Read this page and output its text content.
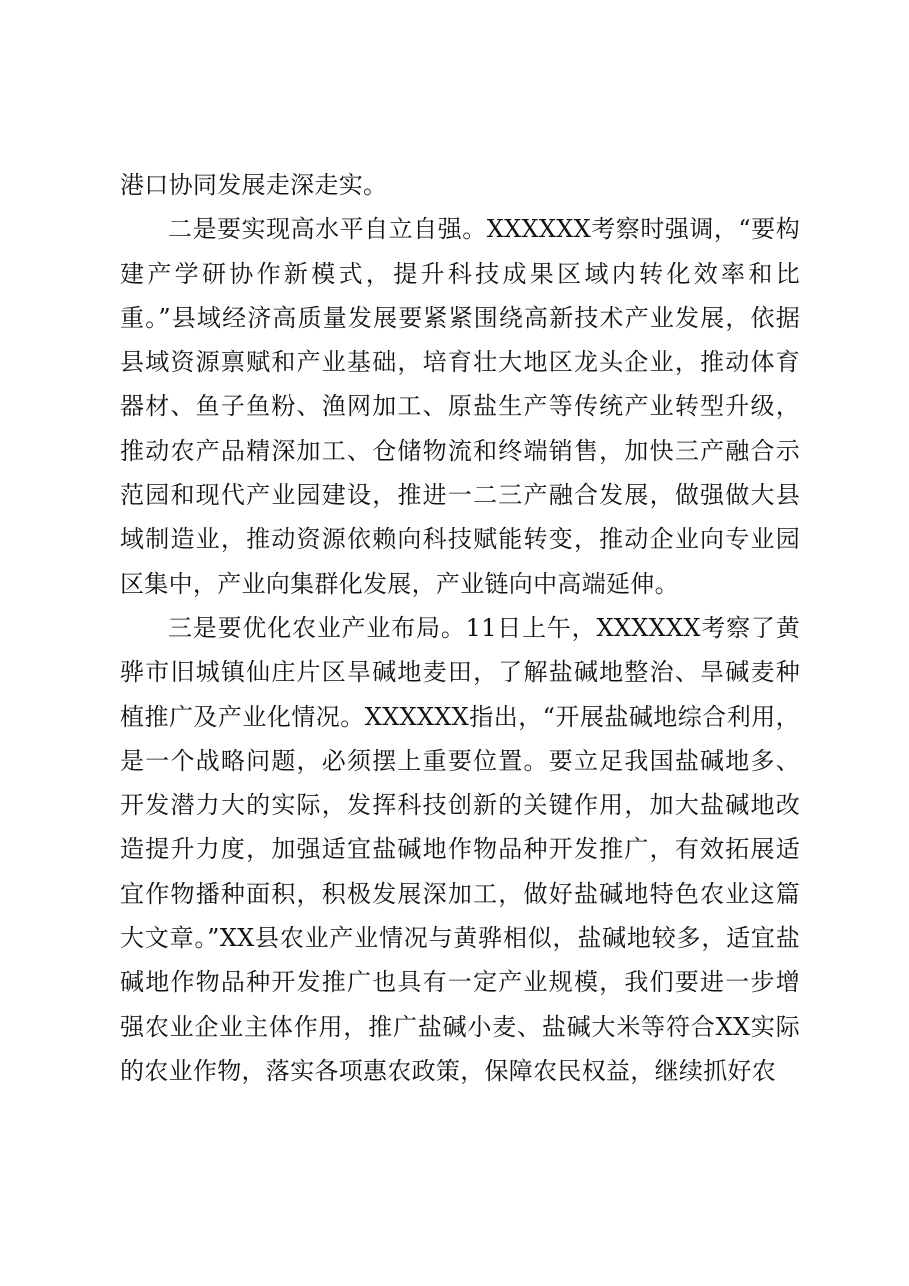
港口协同发展走深走实。

二是要实现高水平自立自强。XXXXXX考察时强调，“要构建产学研协作新模式，提升科技成果区域内转化效率和比重。”县域经济高质量发展要紧紧围绕高新技术产业发展，依据县域资源禀赋和产业基础，培育壮大地区龙头企业，推动体育器材、鱼子鱼粉、渔网加工、原盐生产等传统产业转型升级，推动农产品精深加工、仓储物流和终端销售，加快三产融合示范园和现代产业园建设，推进一二三产融合发展，做强做大县域制造业，推动资源依赖向科技赋能转变，推动企业向专业园区集中，产业向集群化发展，产业链向中高端延伸。

三是要优化农业产业布局。11日上午，XXXXXX考察了黄骅市旧城镇仙庄片区旱碱地麦田，了解盐碱地整治、旱碱麦种植推广及产业化情况。XXXXXX指出，“开展盐碱地综合利用，是一个战略问题，必须摆上重要位置。要立足我国盐碱地多、开发潜力大的实际，发挥科技创新的关键作用，加大盐碱地改造提升力度，加强适宜盐碱地作物品种开发推广，有效拓展适宜作物播种面积，积极发展深加工，做好盐碱地特色农业这篇大文章。”XX县农业产业情况与黄骅相似，盐碱地较多，适宜盐碱地作物品种开发推广也具有一定产业规模，我们要进一步增强农业企业主体作用，推广盐碱小麦、盐碱大米等符合XX实际的农业作物，落实各项惠农政策，保障农民权益，继续抓好农
